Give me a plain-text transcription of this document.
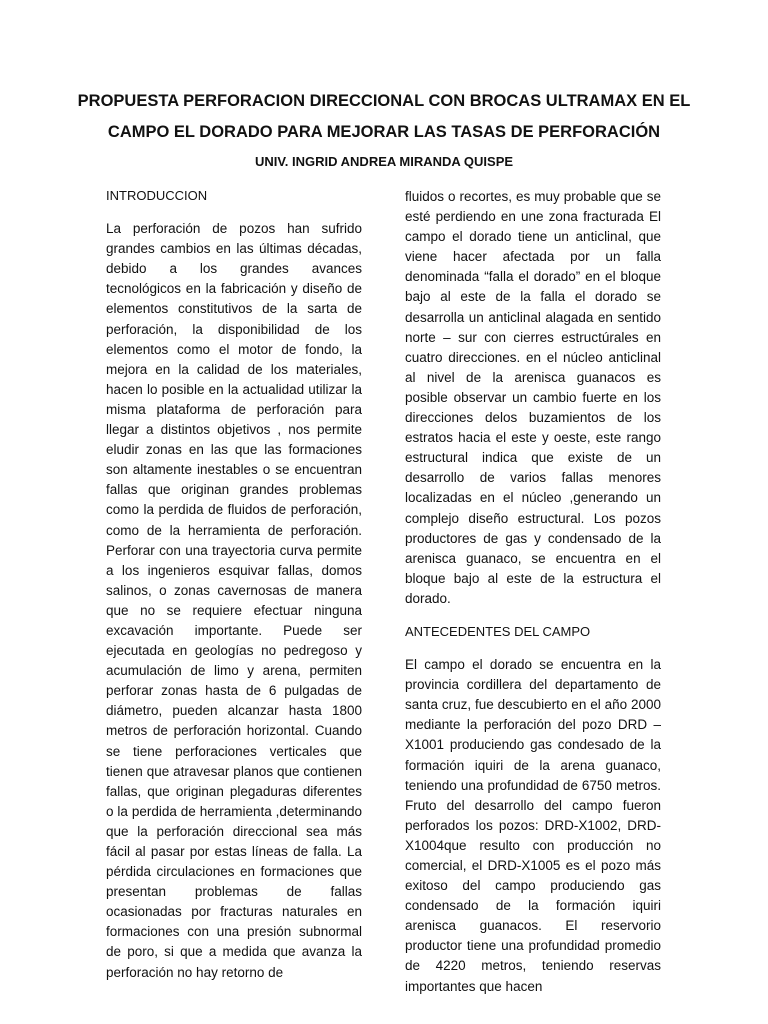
PROPUESTA PERFORACION DIRECCIONAL CON BROCAS ULTRAMAX EN EL CAMPO EL DORADO PARA MEJORAR LAS TASAS DE PERFORACIÓN
UNIV. INGRID ANDREA MIRANDA QUISPE
INTRODUCCION

La perforación de pozos han sufrido grandes cambios en las últimas décadas, debido a los grandes avances tecnológicos en la fabricación y diseño de elementos constitutivos de la sarta de perforación, la disponibilidad de los elementos como el motor de fondo, la mejora en la calidad de los materiales, hacen lo posible en la actualidad utilizar la misma plataforma de perforación para llegar a distintos objetivos , nos permite eludir zonas en las que las formaciones son altamente inestables o se encuentran fallas que originan grandes problemas como la perdida de fluidos de perforación, como de la herramienta de perforación. Perforar con una trayectoria curva permite a los ingenieros esquivar fallas, domos salinos, o zonas cavernosas de manera que no se requiere efectuar ninguna excavación importante. Puede ser ejecutada en geologías no pedregoso y acumulación de limo y arena, permiten perforar zonas hasta de 6 pulgadas de diámetro, pueden alcanzar hasta 1800 metros de perforación horizontal. Cuando se tiene perforaciones verticales que tienen que atravesar planos que contienen fallas, que originan plegaduras diferentes o la perdida de herramienta ,determinando que la perforación direccional sea más fácil al pasar por estas líneas de falla. La pérdida circulaciones en formaciones que presentan problemas de fallas ocasionadas por fracturas naturales en formaciones con una presión subnormal de poro, si que a medida que avanza la perforación no hay retorno de

fluidos o recortes, es muy probable que se esté perdiendo en une zona fracturada El campo el dorado tiene un anticlinal, que viene hacer afectada por un falla denominada “falla el dorado” en el bloque bajo al este de la falla el dorado se desarrolla un anticlinal alagada en sentido norte – sur con cierres estructúrales en cuatro direcciones. en el núcleo anticlinal al nivel de la arenisca guanacos es posible observar un cambio fuerte en los direcciones delos buzamientos de los estratos hacia el este y oeste, este rango estructural indica que existe de un desarrollo de varios fallas menores localizadas en el núcleo ,generando un complejo diseño estructural. Los pozos productores de gas y condensado de la arenisca guanaco, se encuentra en el bloque bajo al este de la estructura el dorado.

ANTECEDENTES DEL CAMPO

El campo el dorado se encuentra en la provincia cordillera del departamento de santa cruz, fue descubierto en el año 2000 mediante la perforación del pozo DRD – X1001 produciendo gas condesado de la formación iquiri de la arena guanaco, teniendo una profundidad de 6750 metros. Fruto del desarrollo del campo fueron perforados los pozos: DRD-X1002, DRD-X1004que resulto con producción no comercial, el DRD-X1005 es el pozo más exitoso del campo produciendo gas condensado de la formación iquiri arenisca guanacos. El reservorio productor tiene una profundidad promedio de 4220 metros, teniendo reservas importantes que hacen
